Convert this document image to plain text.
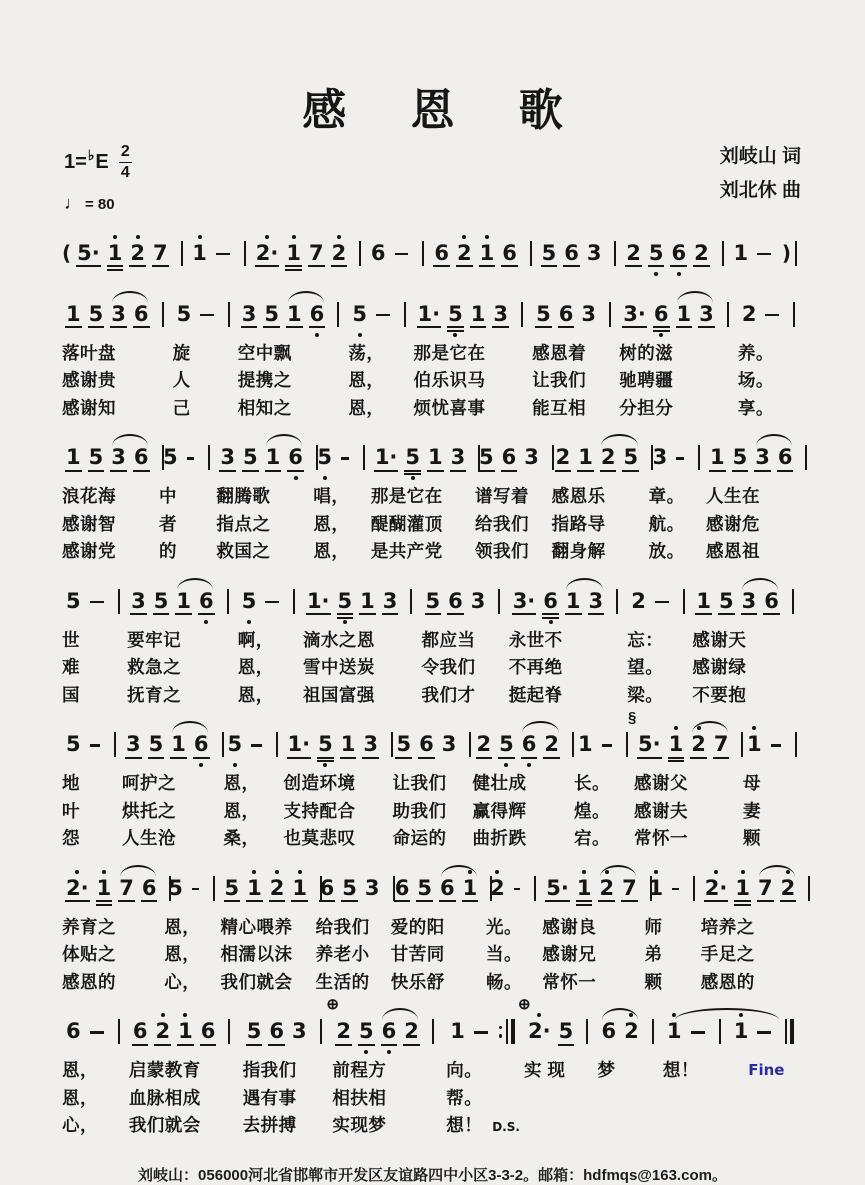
感 恩 歌
1= ♭ E 2
4
♩ = 80
刘岐山 词
刘北休 曲
( 5· 1 2 7 1 2· 1 7 2 6 6 2 1 6 5 6 3 2 5 6 2 1 )
1 5 3 6
落叶盘
感谢贵
感谢知
5
旋
人
己
3 5 1 6
空中飘
提携之
相知之
5
荡，
恩，
恩，
1· 5 1 3
那是它在
伯乐识马
烦忧喜事
5 6 3
感恩着
让我们
能互相
3· 6 1 3
树的滋
驰聘疆
分担分
2
养。
场。
享。
1 5 3 6
浪花海
感谢智
感谢党
5
中
者
的
3 5 1 6
翻腾歌
指点之
救国之
5
唱，
恩，
恩，
1· 5 1 3
那是它在
醍醐灌顶
是共产党
5 6 3
谱写着
给我们
领我们
2 1 2 5
感恩乐
指路导
翻身解
3
章。
航。
放。
1 5 3 6
人生在
感谢危
感恩祖
5
世
难
国
3 5 1 6
要牢记
救急之
抚育之
5
啊，
恩，
恩，
1· 5 1 3
滴水之恩
雪中送炭
祖国富强
5 6 3
都应当
令我们
我们才
3· 6 1 3
永世不
不再绝
挺起脊
2
忘：
望。
梁。
1 5 3 6
感谢天
感谢绿
不要抱
5
地
叶
怨
3 5 1 6
呵护之
烘托之
人生沧
5
恩，
恩，
桑，
1· 5 1 3
创造环境
支持配合
也莫悲叹
5 6 3
让我们
助我们
命运的
2 5 6 2
健壮成
赢得辉
曲折跌
1
长。
煌。
宕。
§
5· 1 2 7
感谢父
感谢夫
常怀一
1
母
妻
颗
2· 1 7 6
养育之
体贴之
感恩的
5
恩，
恩，
心，
5 1 2 1
精心喂养
相濡以沫
我们就会
6 5 3
给我们
养老小
生活的
6 5 6 1
爱的阳
甘苦同
快乐舒
2
光。
当。
畅。
5· 1 2 7
感谢良
感谢兄
常怀一
1
师
弟
颗
2· 1 7 2
培养之
手足之
感恩的
6
恩，
恩，
心，
6 2 1 6
启蒙教育
血脉相成
我们就会
5 6 3
指我们
遇有事
去拼搏
⊕
2 5 6 2
前程方
相扶相
实现梦
1
向。
帮。
想！ D.S.
⊕
2· 5
实 现
6 2
梦
1
想！
1
Fine
刘岐山：056000河北省邯郸市开发区友谊路四中小区3-3-2。邮箱：hdfmqs@163.com。
